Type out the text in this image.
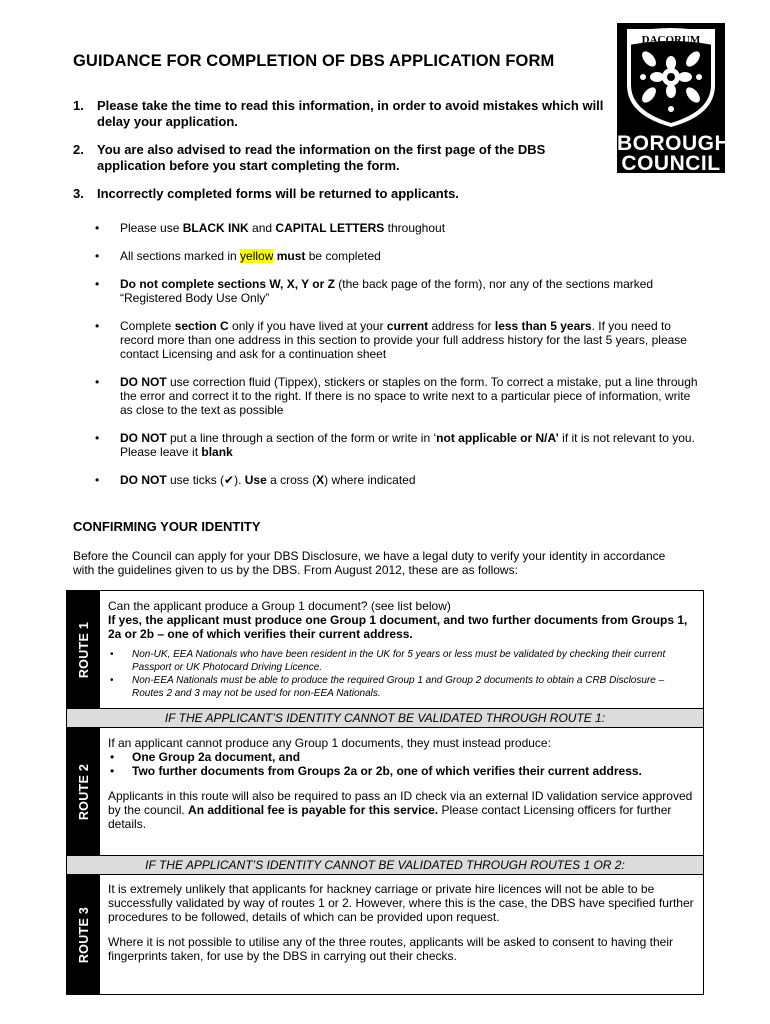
GUIDANCE FOR COMPLETION OF DBS APPLICATION FORM
DACORUM
BOROUGH
COUNCIL
1. Please take the time to read this information, in order to avoid mistakes which will delay your application.
2. You are also advised to read the information on the first page of the DBS application before you start completing the form.
3. Incorrectly completed forms will be returned to applicants.
• Please use BLACK INK and CAPITAL LETTERS throughout
• All sections marked in yellow must be completed
• Do not complete sections W, X, Y or Z (the back page of the form), nor any of the sections marked “Registered Body Use Only”
• Complete section C only if you have lived at your current address for less than 5 years. If you need to record more than one address in this section to provide your full address history for the last 5 years, please contact Licensing and ask for a continuation sheet
• DO NOT use correction fluid (Tippex), stickers or staples on the form. To correct a mistake, put a line through the error and correct it to the right. If there is no space to write next to a particular piece of information, write as close to the text as possible
• DO NOT put a line through a section of the form or write in ‘not applicable or N/A’ if it is not relevant to you. Please leave it blank
• DO NOT use ticks (✔). Use a cross (X) where indicated
CONFIRMING YOUR IDENTITY

Before the Council can apply for your DBS Disclosure, we have a legal duty to verify your identity in accordance with the guidelines given to us by the DBS. From August 2012, these are as follows:

ROUTE 1

Can the applicant produce a Group 1 document? (see list below)

If yes, the applicant must produce one Group 1 document, and two further documents from Groups 1, 2a or 2b – one of which verifies their current address.

• Non-UK, EEA Nationals who have been resident in the UK for 5 years or less must be validated by checking their current Passport or UK Photocard Driving Licence.
• Non-EEA Nationals must be able to produce the required Group 1 and Group 2 documents to obtain a CRB Disclosure – Routes 2 and 3 may not be used for non-EEA Nationals.
IF THE APPLICANT’S IDENTITY CANNOT BE VALIDATED THROUGH ROUTE 1:
ROUTE 2

If an applicant cannot produce any Group 1 documents, they must instead produce:

• One Group 2a document, and
• Two further documents from Groups 2a or 2b, one of which verifies their current address.

Applicants in this route will also be required to pass an ID check via an external ID validation service approved by the council. An additional fee is payable for this service. Please contact Licensing officers for further details.

IF THE APPLICANT’S IDENTITY CANNOT BE VALIDATED THROUGH ROUTES 1 OR 2:
ROUTE 3

It is extremely unlikely that applicants for hackney carriage or private hire licences will not be able to be successfully validated by way of routes 1 or 2. However, where this is the case, the DBS have specified further procedures to be followed, details of which can be provided upon request.

Where it is not possible to utilise any of the three routes, applicants will be asked to consent to having their fingerprints taken, for use by the DBS in carrying out their checks.
